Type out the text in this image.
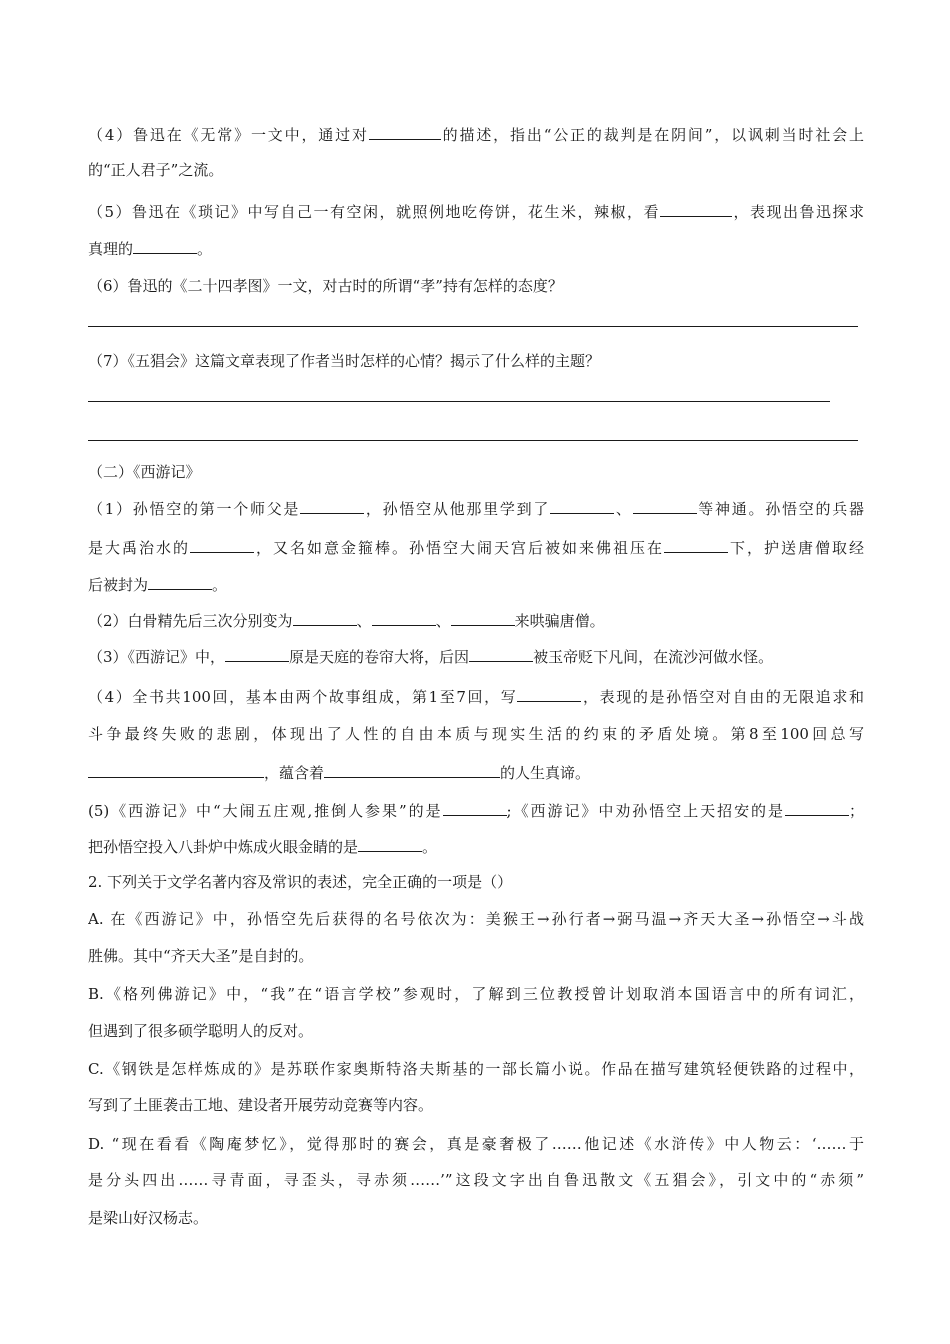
（4）鲁迅在《无常》一文中，通过对	的描述，指出“公正的裁判是在阴间”，以讽刺当时社会上
的“正人君子”之流。
（5）鲁迅在《琐记》中写自己一有空闲，就照例地吃侉饼，花生米，辣椒，看	，表现出鲁迅探求
真理的	。
（6）鲁迅的《二十四孝图》一文，对古时的所谓“孝”持有怎样的态度？
（7）《五猖会》这篇文章表现了作者当时怎样的心情？揭示了什么样的主题？
（二）《西游记》
（1）孙悟空的第一个师父是	，孙悟空从他那里学到了	、	等神通。孙悟空的兵器
是大禹治水的	，又名如意金箍棒。孙悟空大闹天宫后被如来佛祖压在	下，护送唐僧取经
后被封为	。
（2）白骨精先后三次分别变为	、	、	来哄骗唐僧。
（3）《西游记》中，	原是天庭的卷帘大将，后因	被玉帝贬下凡间，在流沙河做水怪。
（4）全书共100回，基本由两个故事组成，第1至7回，写	，表现的是孙悟空对自由的无限追求和
斗争最终失败的悲剧，体现出了人性的自由本质与现实生活的约束的矛盾处境。第8至100回总写
，蕴含着	的人生真谛。
(5)《西游记》中“大闹五庄观,推倒人参果”的是	;《西游记》中劝孙悟空上天招安的是	；
把孙悟空投入八卦炉中炼成火眼金睛的是	。
2. 下列关于文学名著内容及常识的表述，完全正确的一项是（）
A. 在《西游记》中，孙悟空先后获得的名号依次为：美猴王→孙行者→弼马温→齐天大圣→孙悟空→斗战
胜佛。其中“齐天大圣”是自封的。
B.《格列佛游记》中，“我”在“语言学校”参观时，了解到三位教授曾计划取消本国语言中的所有词汇，
但遇到了很多硕学聪明人的反对。
C.《钢铁是怎样炼成的》是苏联作家奥斯特洛夫斯基的一部长篇小说。作品在描写建筑轻便铁路的过程中，
写到了土匪袭击工地、建设者开展劳动竞赛等内容。
D. “现在看看《陶庵梦忆》，觉得那时的赛会，真是豪奢极了……他记述《水浒传》中人物云：‘……于
是分头四出……寻青面，寻歪头，寻赤须……’”这段文字出自鲁迅散文《五猖会》，引文中的“赤须”
是梁山好汉杨志。
